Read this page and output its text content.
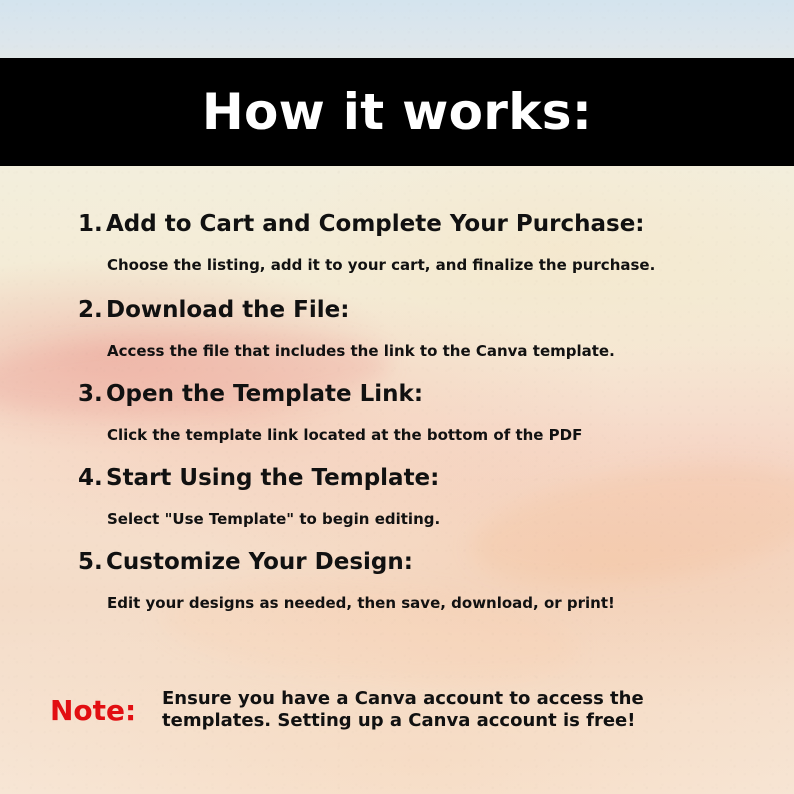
How it works:
1. Add to Cart and Complete Your Purchase:

Choose the listing, add it to your cart, and finalize the purchase.

2. Download the File:

Access the file that includes the link to the Canva template.

3. Open the Template Link:

Click the template link located at the bottom of the PDF

4. Start Using the Template:

Select "Use Template" to begin editing.

5. Customize Your Design:

Edit your designs as needed, then save, download, or print!

Note: Ensure you have a Canva account to access the templates. Setting up a Canva account is free!
